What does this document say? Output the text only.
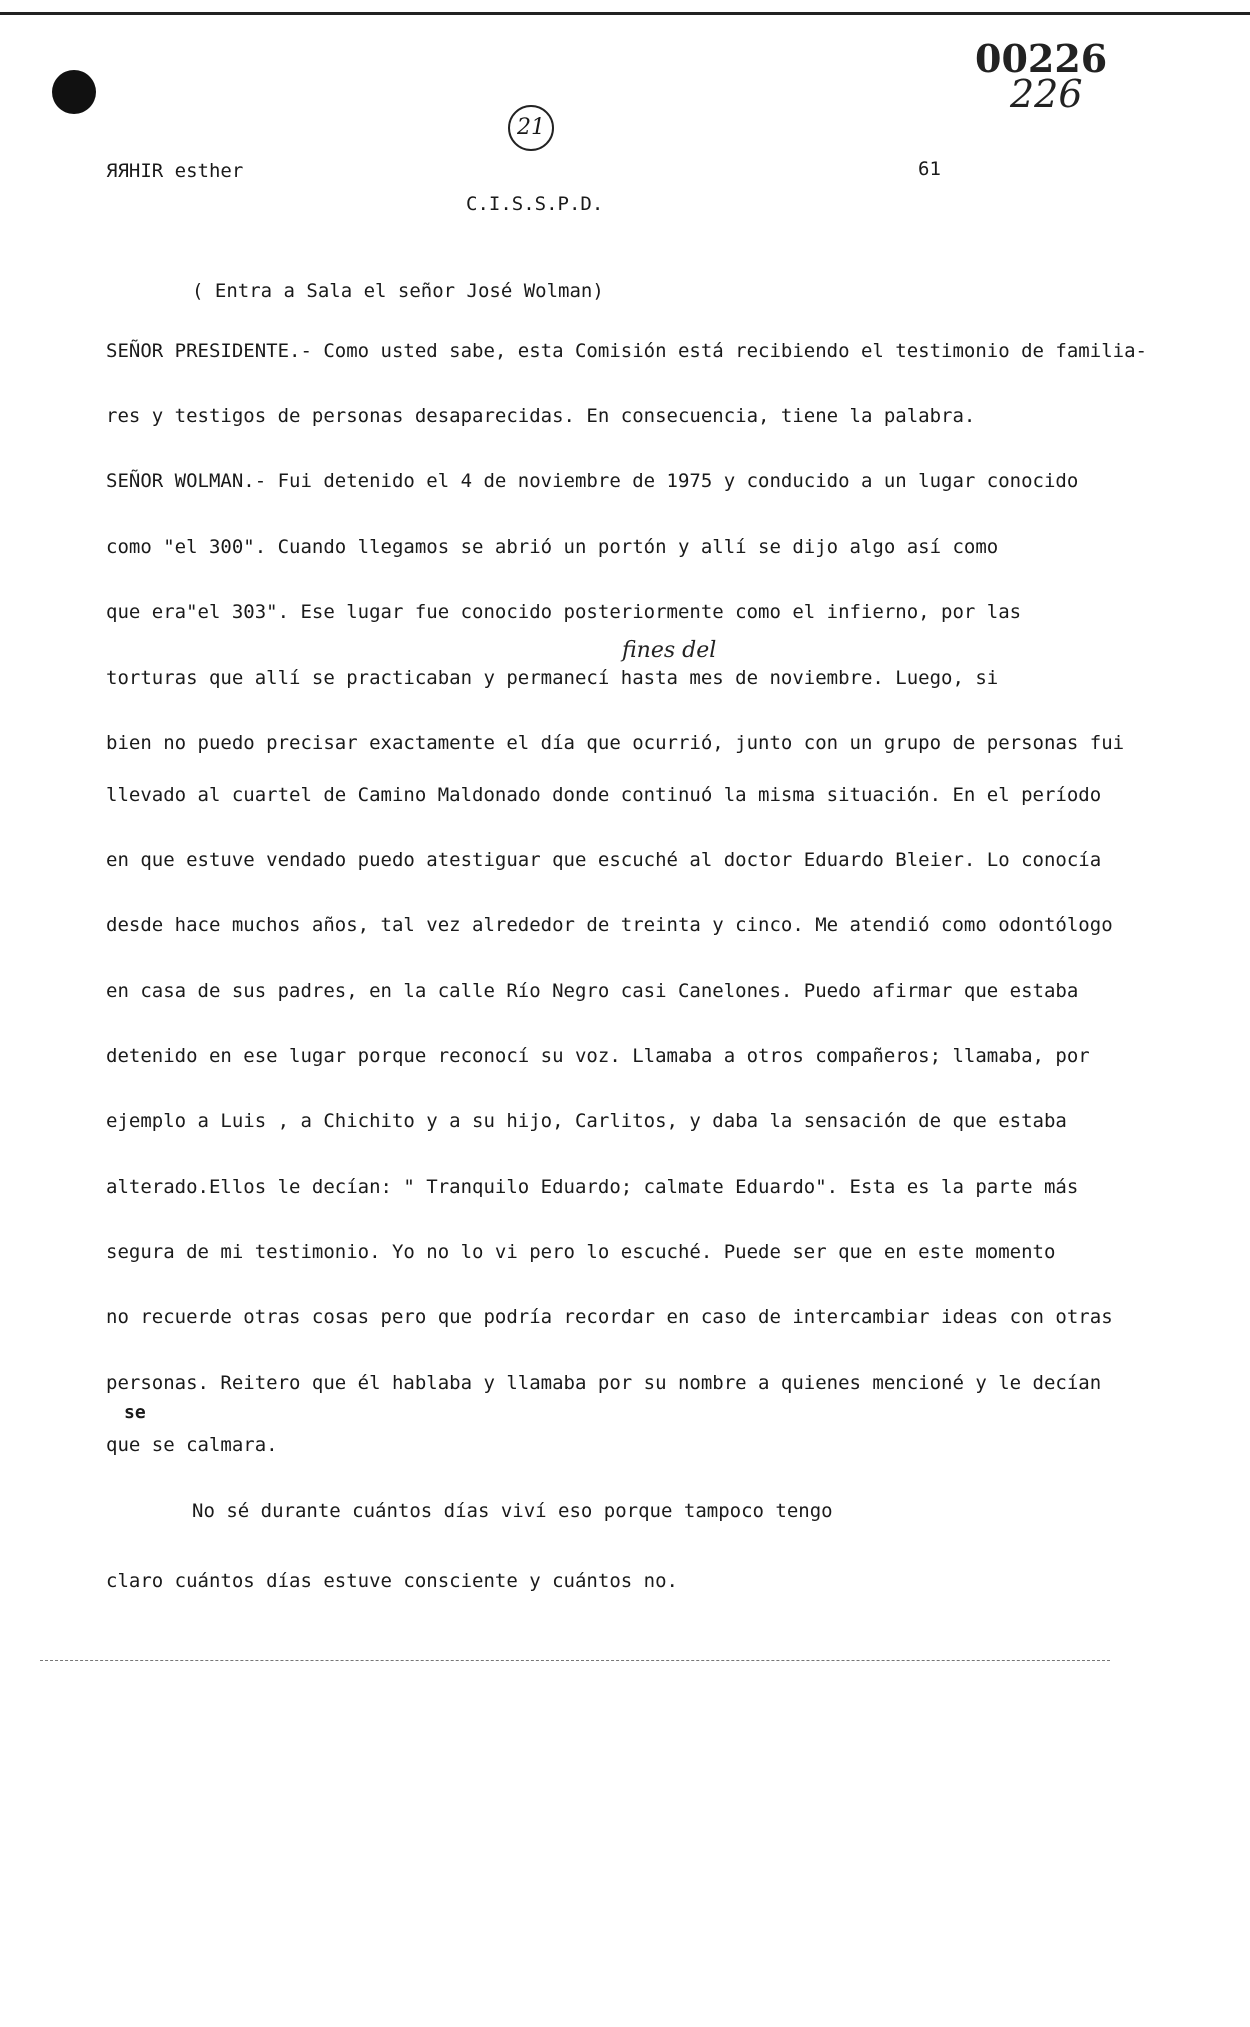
00226
226
21
ЯЯHIR esther	61
C.I.S.S.P.D.
( Entra a Sala el señor José Wolman)
SEÑOR PRESIDENTE.- Como usted sabe, esta Comisión está recibiendo el testimonio de familia-
res y testigos de personas desaparecidas. En consecuencia, tiene la palabra.
SEÑOR WOLMAN.- Fui detenido el 4 de noviembre de 1975 y conducido a un lugar conocido
como "el 300". Cuando llegamos se abrió un portón y allí se dijo algo así como
que era"el 303". Ese lugar fue conocido posteriormente como el infierno, por las
fines del
torturas que allí se practicaban y permanecí hasta mes de noviembre. Luego, si
bien no puedo precisar exactamente el día que ocurrió, junto con un grupo de personas fui
llevado al cuartel de Camino Maldonado donde continuó la misma situación. En el período
en que estuve vendado puedo atestiguar que escuché al doctor Eduardo Bleier. Lo conocía
desde hace muchos años, tal vez alrededor de treinta y cinco. Me atendió como odontólogo
en casa de sus padres, en la calle Río Negro casi Canelones. Puedo afirmar que estaba
detenido en ese lugar porque reconocí su voz. Llamaba a otros compañeros; llamaba, por
ejemplo a Luis , a Chichito y a su hijo, Carlitos, y daba la sensación de que estaba
alterado.Ellos le decían: " Tranquilo Eduardo; calmate Eduardo". Esta es la parte más
segura de mi testimonio. Yo no lo vi pero lo escuché. Puede ser que en este momento
no recuerde otras cosas pero que podría recordar en caso de intercambiar ideas con otras
personas. Reitero que él hablaba y llamaba por su nombre a quienes mencioné y le decían
se
que se calmara.
No sé durante cuántos días viví eso porque tampoco tengo
claro cuántos días estuve consciente y cuántos no.
